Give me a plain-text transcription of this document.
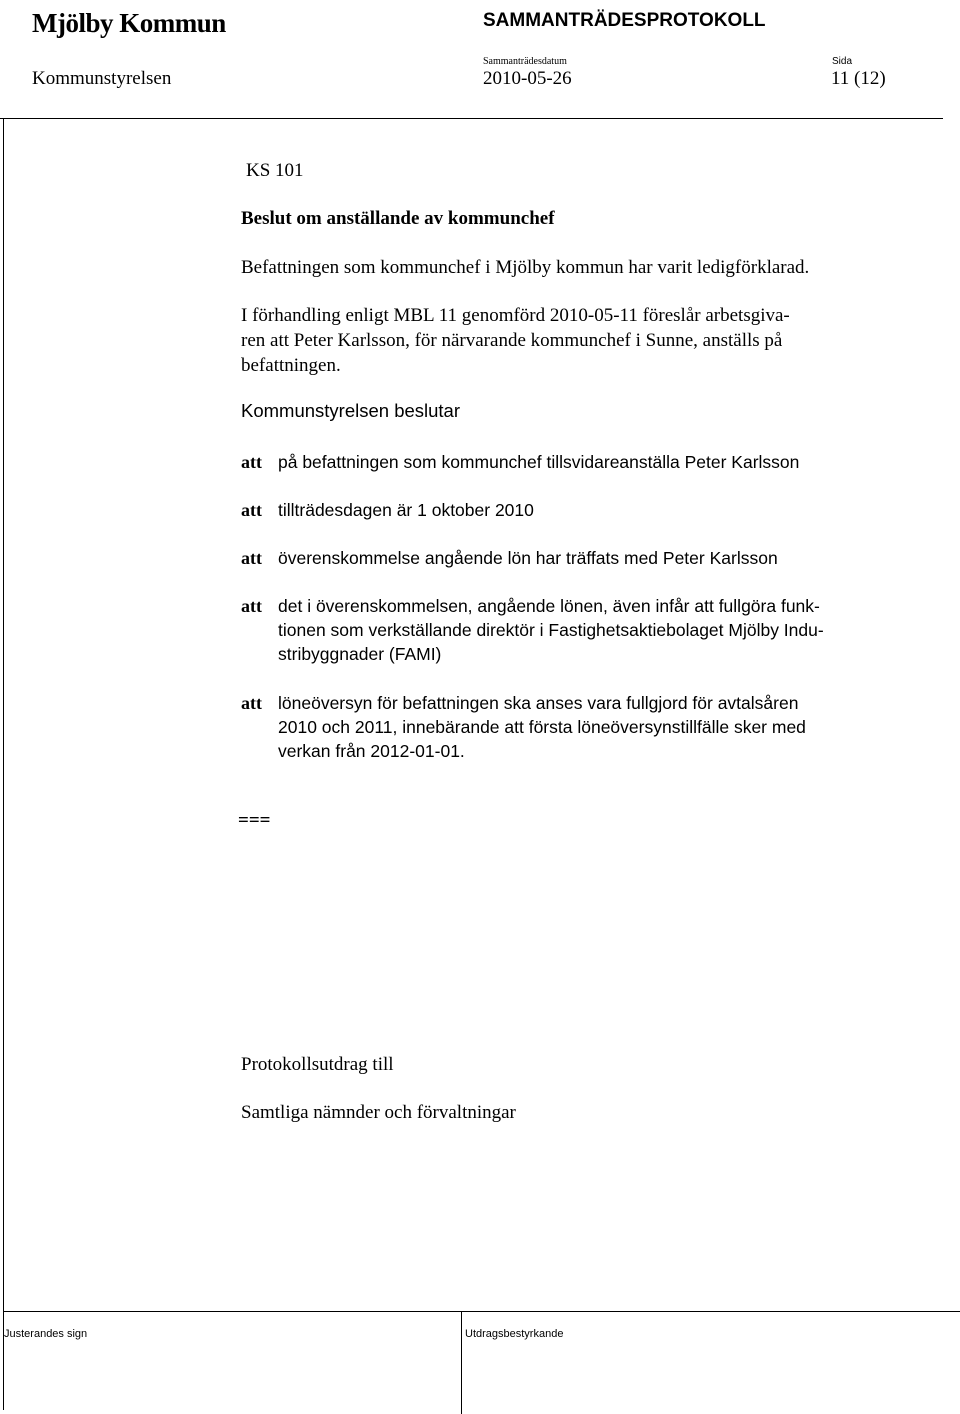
Mjölby Kommun	SAMMANTRÄDESPROTOKOLL
Sammanträdesdatum	Sida
Kommunstyrelsen	2010-05-26	11 (12)
KS 101
Beslut om anställande av kommunchef
Befattningen som kommunchef i Mjölby kommun har varit ledigförklarad.
I förhandling enligt MBL 11 genomförd 2010-05-11 föreslår arbetsgiva-
ren att Peter Karlsson, för närvarande kommunchef i Sunne, anställs på
befattningen.
Kommunstyrelsen beslutar
att på befattningen som kommunchef tillsvidareanställa Peter Karlsson
att tillträdesdagen är 1 oktober 2010
att överenskommelse angående lön har träffats med Peter Karlsson
att det i överenskommelsen, angående lönen, även infår att fullgöra funk-
tionen som verkställande direktör i Fastighetsaktiebolaget Mjölby Indu-
stribyggnader (FAMI)
att löneöversyn för befattningen ska anses vara fullgjord för avtalsåren
2010 och 2011, innebärande att första löneöversynstillfälle sker med
verkan från 2012-01-01.
===
Protokollsutdrag till
Samtliga nämnder och förvaltningar
Justerandes sign	Utdragsbestyrkande
